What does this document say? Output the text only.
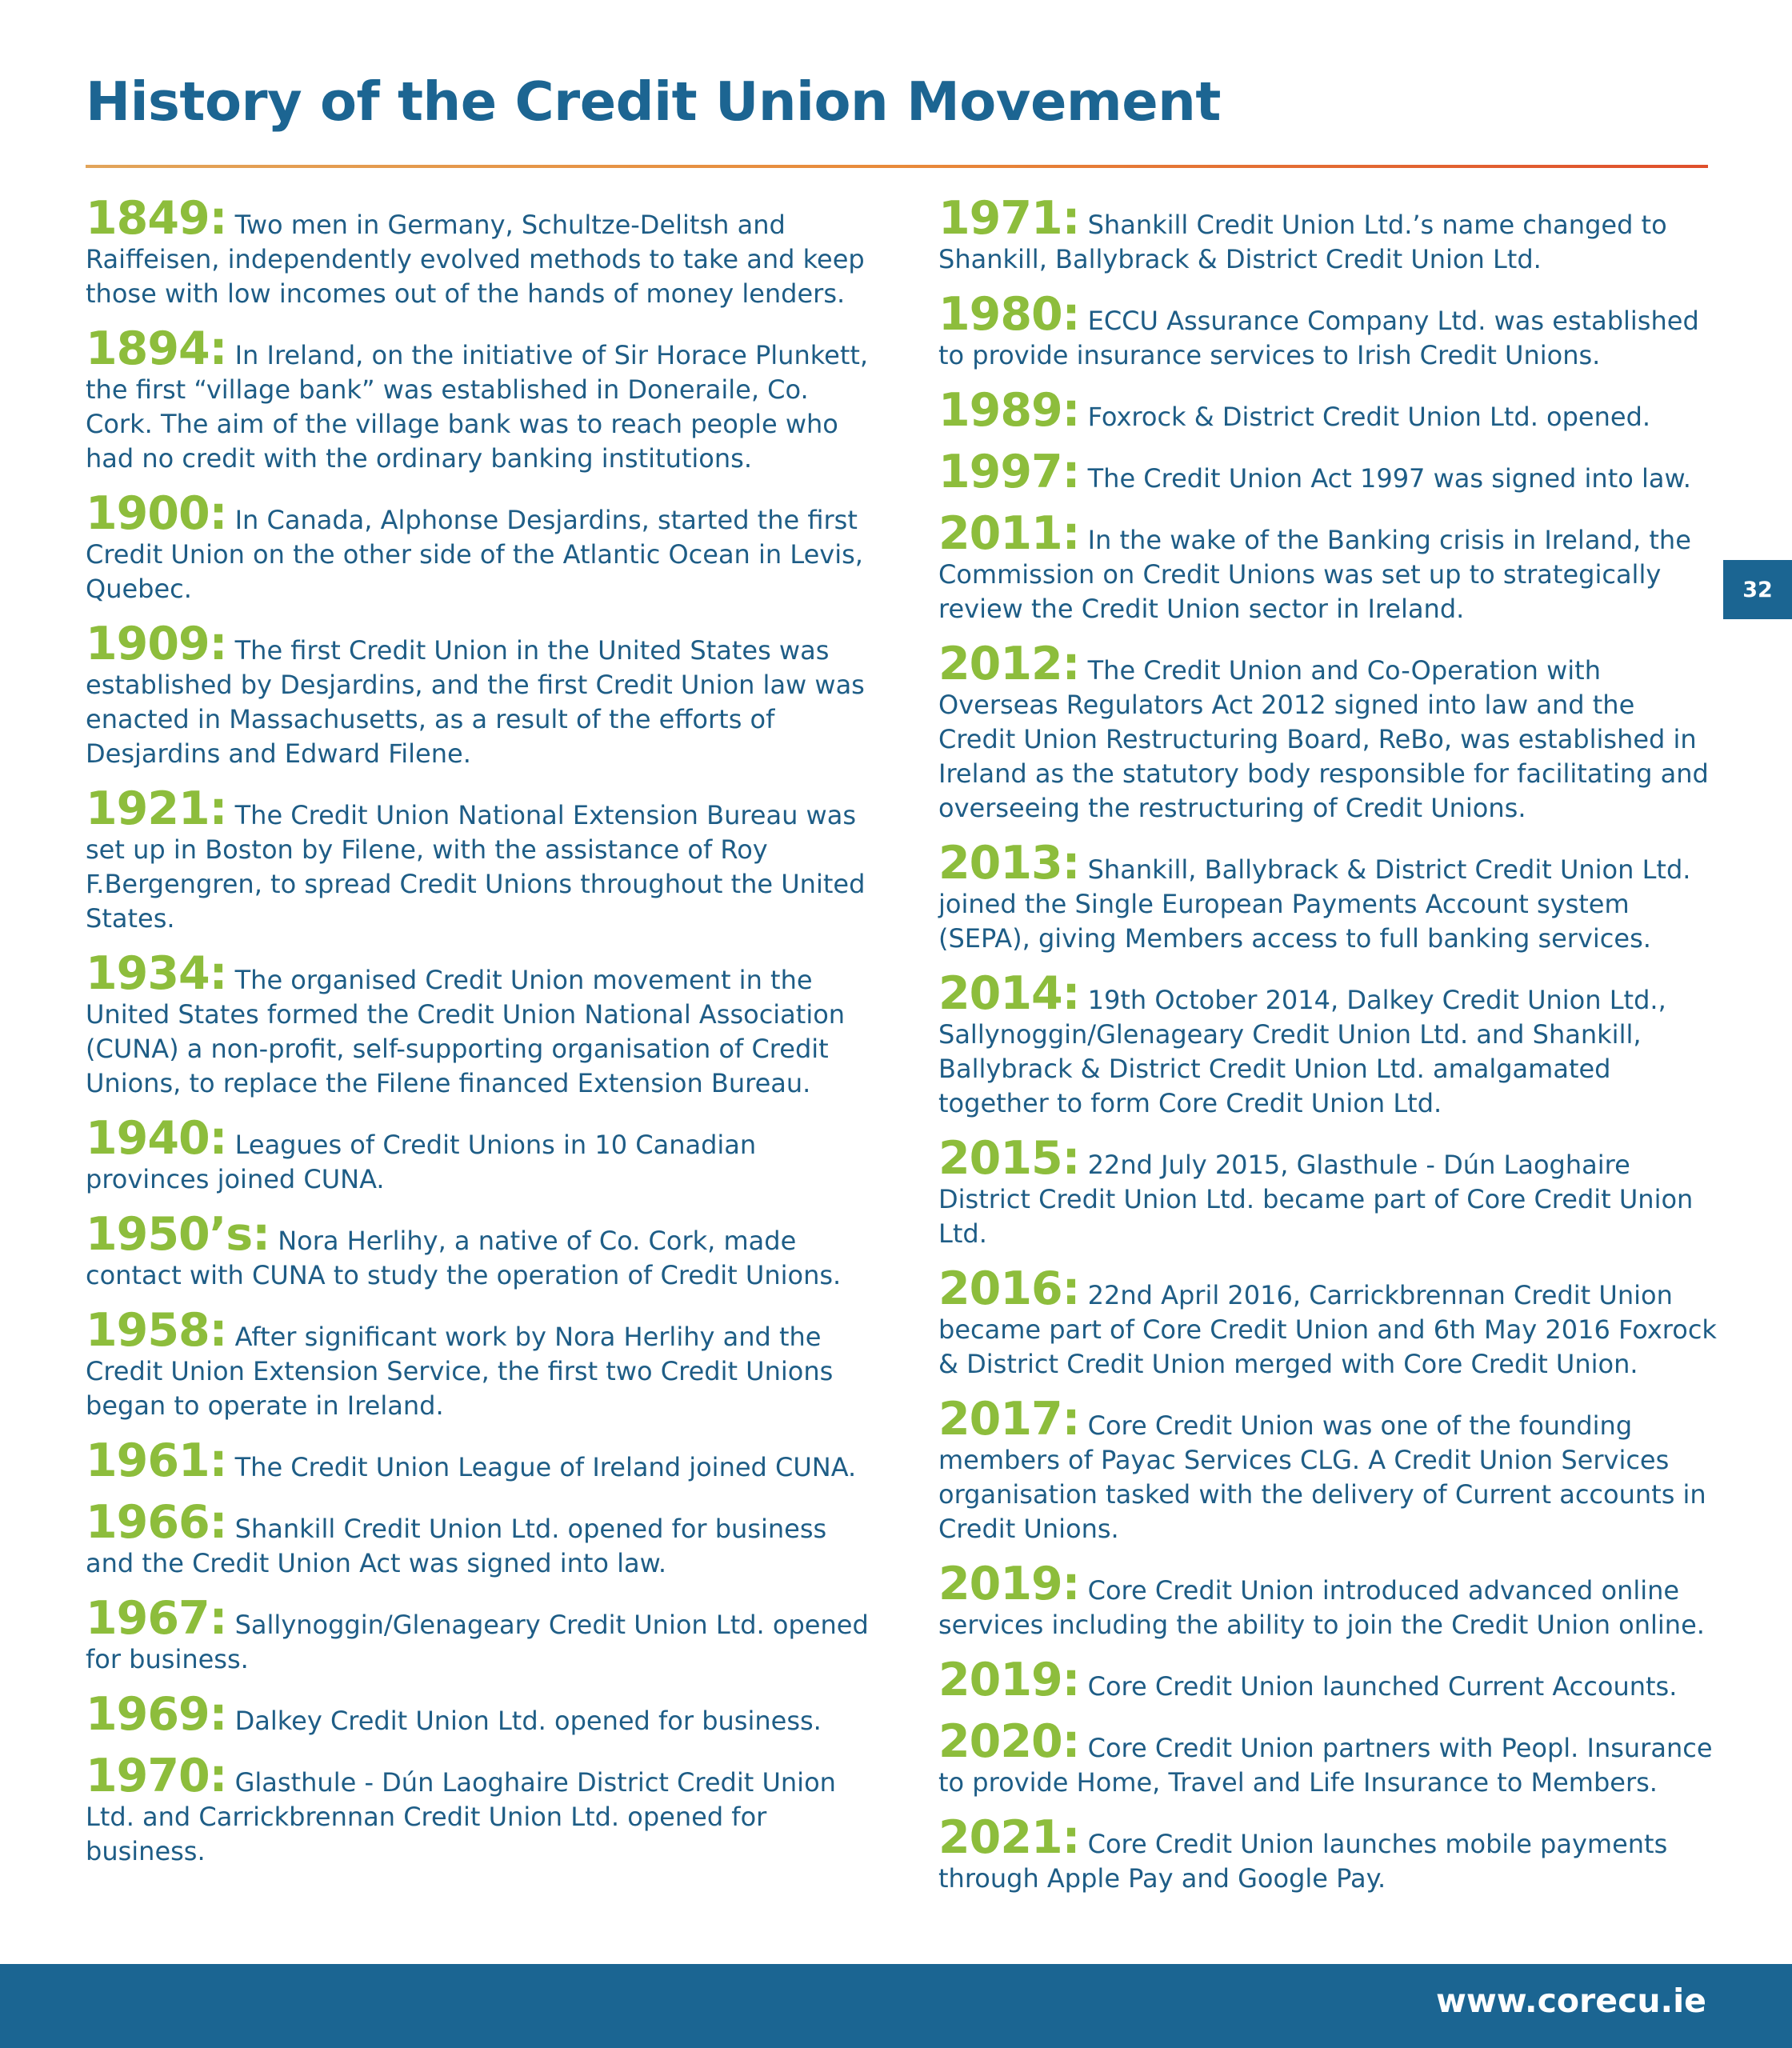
History of the Credit Union Movement

1849: Two men in Germany, Schultze-Delitsh and Raiffeisen, independently evolved methods to take and keep those with low incomes out of the hands of money lenders.

1894: In Ireland, on the initiative of Sir Horace Plunkett, the first “village bank” was established in Doneraile, Co. Cork. The aim of the village bank was to reach people who had no credit with the ordinary banking institutions.

1900: In Canada, Alphonse Desjardins, started the first Credit Union on the other side of the Atlantic Ocean in Levis, Quebec.

1909: The first Credit Union in the United States was established by Desjardins, and the first Credit Union law was enacted in Massachusetts, as a result of the efforts of Desjardins and Edward Filene.

1921: The Credit Union National Extension Bureau was set up in Boston by Filene, with the assistance of Roy F.Bergengren, to spread Credit Unions throughout the United States.

1934: The organised Credit Union movement in the United States formed the Credit Union National Association (CUNA) a non-profit, self-supporting organisation of Credit Unions, to replace the Filene financed Extension Bureau.

1940: Leagues of Credit Unions in 10 Canadian provinces joined CUNA.

1950’s: Nora Herlihy, a native of Co. Cork, made contact with CUNA to study the operation of Credit Unions.

1958: After significant work by Nora Herlihy and the Credit Union Extension Service, the first two Credit Unions began to operate in Ireland.

1961: The Credit Union League of Ireland joined CUNA.

1966: Shankill Credit Union Ltd. opened for business and the Credit Union Act was signed into law.

1967: Sallynoggin/Glenageary Credit Union Ltd. opened for business.

1969: Dalkey Credit Union Ltd. opened for business.

1970: Glasthule - Dún Laoghaire District Credit Union Ltd. and Carrickbrennan Credit Union Ltd. opened for business.

1971: Shankill Credit Union Ltd.’s name changed to Shankill, Ballybrack & District Credit Union Ltd.

1980: ECCU Assurance Company Ltd. was established to provide insurance services to Irish Credit Unions.

1989: Foxrock & District Credit Union Ltd. opened.

1997: The Credit Union Act 1997 was signed into law.

2011: In the wake of the Banking crisis in Ireland, the Commission on Credit Unions was set up to strategically review the Credit Union sector in Ireland.

2012: The Credit Union and Co-Operation with Overseas Regulators Act 2012 signed into law and the Credit Union Restructuring Board, ReBo, was established in Ireland as the statutory body responsible for facilitating and overseeing the restructuring of Credit Unions.

2013: Shankill, Ballybrack & District Credit Union Ltd. joined the Single European Payments Account system (SEPA), giving Members access to full banking services.

2014: 19th October 2014, Dalkey Credit Union Ltd., Sallynoggin/Glenageary Credit Union Ltd. and Shankill, Ballybrack & District Credit Union Ltd. amalgamated together to form Core Credit Union Ltd.

2015: 22nd July 2015, Glasthule - Dún Laoghaire District Credit Union Ltd. became part of Core Credit Union Ltd.

2016: 22nd April 2016, Carrickbrennan Credit Union became part of Core Credit Union and 6th May 2016 Foxrock & District Credit Union merged with Core Credit Union.

2017: Core Credit Union was one of the founding members of Payac Services CLG. A Credit Union Services organisation tasked with the delivery of Current accounts in Credit Unions.

2019: Core Credit Union introduced advanced online services including the ability to join the Credit Union online.

2019: Core Credit Union launched Current Accounts.

2020: Core Credit Union partners with Peopl. Insurance to provide Home, Travel and Life Insurance to Members.

2021: Core Credit Union launches mobile payments through Apple Pay and Google Pay.

32
www.corecu.ie
